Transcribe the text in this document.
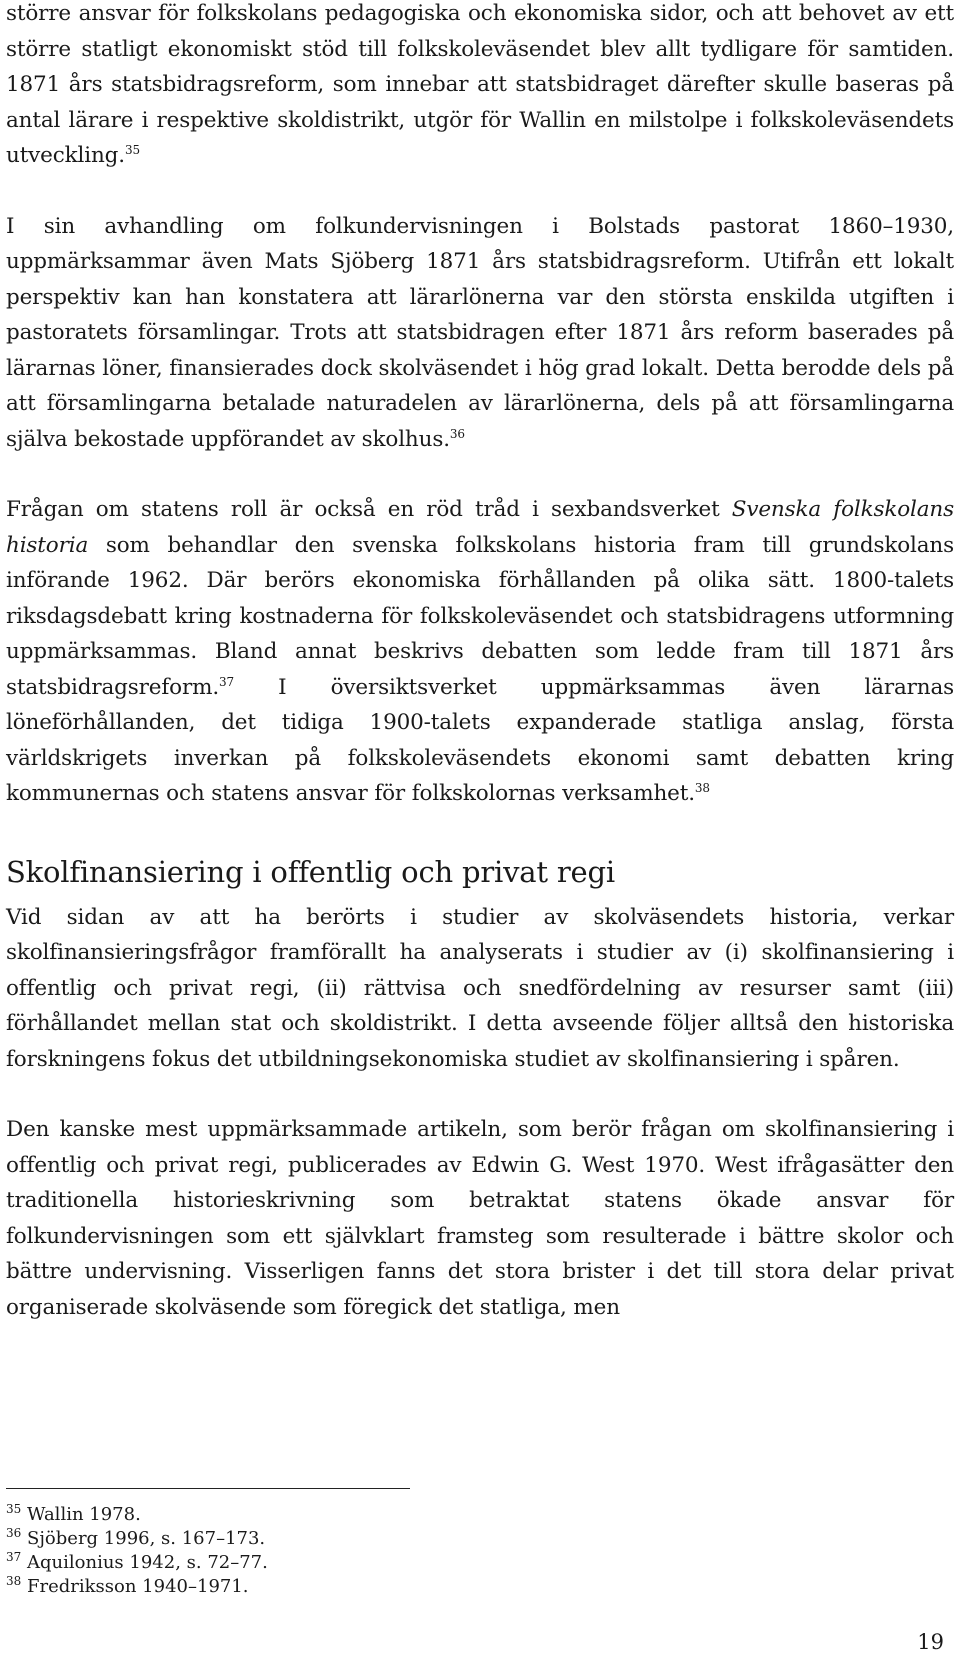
större ansvar för folkskolans pedagogiska och ekonomiska sidor, och att behovet av ett större statligt ekonomiskt stöd till folkskoleväsendet blev allt tydligare för samtiden. 1871 års statsbidragsreform, som innebar att statsbidraget därefter skulle baseras på antal lärare i respektive skoldistrikt, utgör för Wallin en milstolpe i folkskoleväsendets utveckling.$^{35}$

I sin avhandling om folkundervisningen i Bolstads pastorat 1860–1930, uppmärksammar även Mats Sjöberg 1871 års statsbidragsreform. Utifrån ett lokalt perspektiv kan han konstatera att lärarlönerna var den största enskilda utgiften i pastoratets församlingar. Trots att statsbidragen efter 1871 års reform baserades på lärarnas löner, finansierades dock skolväsendet i hög grad lokalt. Detta berodde dels på att församlingarna betalade naturadelen av lärarlönerna, dels på att församlingarna själva bekostade uppförandet av skolhus.$^{36}$

Frågan om statens roll är också en röd tråd i sexbandsverket Svenska folkskolans historia som behandlar den svenska folkskolans historia fram till grundskolans införande 1962. Där berörs ekonomiska förhållanden på olika sätt. 1800-talets riksdagsdebatt kring kostnaderna för folkskoleväsendet och statsbidragens utformning uppmärksammas. Bland annat beskrivs debatten som ledde fram till 1871 års statsbidragsreform.$^{37}$ I översiktsverket uppmärksammas även lärarnas löneförhållanden, det tidiga 1900-talets expanderade statliga anslag, första världskrigets inverkan på folkskoleväsendets ekonomi samt debatten kring kommunernas och statens ansvar för folkskolornas verksamhet.$^{38}$

Skolfinansiering i offentlig och privat regi

Vid sidan av att ha berörts i studier av skolväsendets historia, verkar skolfinansieringsfrågor framförallt ha analyserats i studier av (i) skolfinansiering i offentlig och privat regi, (ii) rättvisa och snedfördelning av resurser samt (iii) förhållandet mellan stat och skoldistrikt. I detta avseende följer alltså den historiska forskningens fokus det utbildningsekonomiska studiet av skolfinansiering i spåren.

Den kanske mest uppmärksammade artikeln, som berör frågan om skolfinansiering i offentlig och privat regi, publicerades av Edwin G. West 1970. West ifrågasätter den traditionella historieskrivning som betraktat statens ökade ansvar för folkundervisningen som ett självklart framsteg som resulterade i bättre skolor och bättre undervisning. Visserligen fanns det stora brister i det till stora delar privat organiserade skolväsende som föregick det statliga, men

$^{35}$ Wallin 1978.

$^{36}$ Sjöberg 1996, s. 167–173.

$^{37}$ Aquilonius 1942, s. 72–77.

$^{38}$ Fredriksson 1940–1971.

19
